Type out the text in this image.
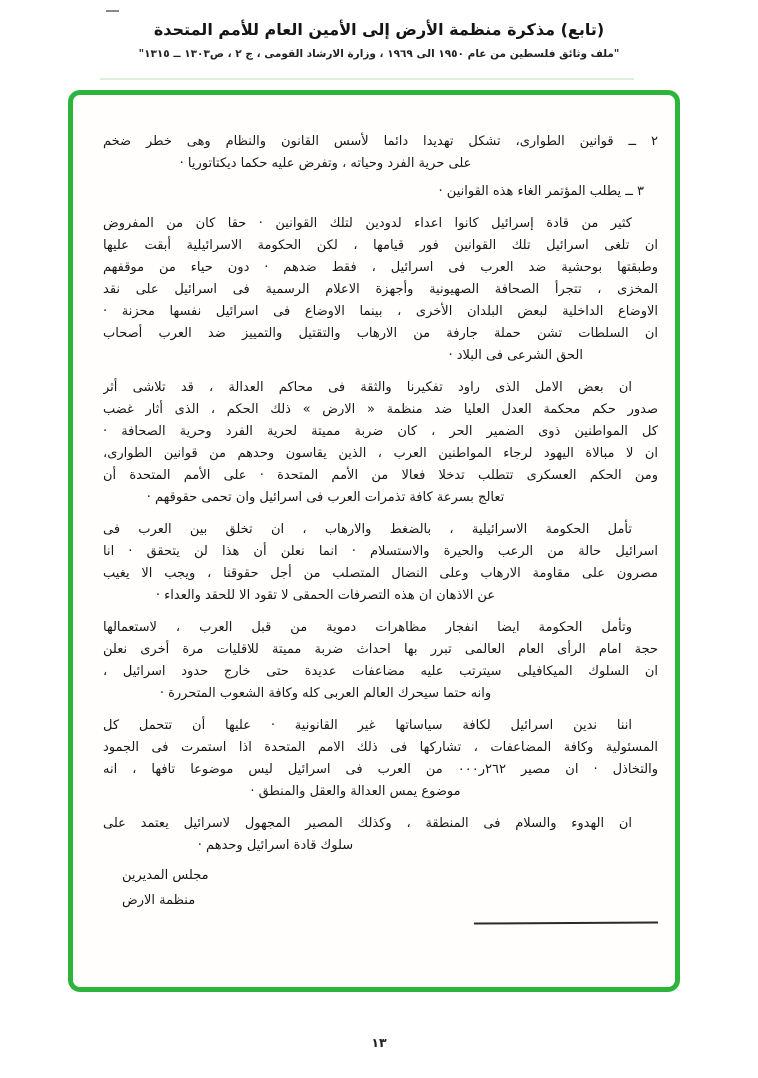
(تابع) مذكرة منظمة الأرض إلى الأمين العام للأمم المتحدة
"ملف وثائق فلسطين من عام ١٩٥٠ الى ١٩٦٩ ، وزارة الارشاد القومى ، ج ٢ ، ص١٣٠٣ ــ ١٣١٥"
٢ ــ قوانين الطوارى، تشكل تهديدا دائما لأسس القانون والنظام وهى خطر ضخم
على حرية الفرد وحياته ، وتفرض عليه حكما ديكتاتوريا ·
٣ ــ يطلب المؤتمر الغاء هذه القوانين ·
كثير من قادة إسرائيل كانوا اعداء لدودين لتلك القوانين · حقا كان من المفروض
ان تلغى اسرائيل تلك القوانين فور قيامها ، لكن الحكومة الاسرائيلية أبقت عليها
وطبقتها بوحشية ضد العرب فى اسرائيل ، فقط ضدهم · دون حياء من موقفهم
المخزى ، تتجرأ الصحافة الصهيونية وأجهزة الاعلام الرسمية فى اسرائيل على نقد
الاوضاع الداخلية لبعض البلدان الأخرى ، بينما الاوضاع فى اسرائيل نفسها محزنة ·
ان السلطات تشن حملة جارفة من الارهاب والتقتيل والتمييز ضد العرب أصحاب
الحق الشرعى فى البلاد ·
ان بعض الامل الذى راود تفكيرنا والثقة فى محاكم العدالة ، قد تلاشى أثر
صدور حكم محكمة العدل العليا ضد منظمة « الارض » ذلك الحكم ، الذى أثار غضب
كل المواطنين ذوى الضمير الحر ، كان ضربة مميتة لحرية الفرد وحرية الصحافة ·
ان لا مبالاة اليهود لرجاء المواطنين العرب ، الذين يقاسون وحدهم من قوانين الطوارى،
ومن الحكم العسكرى تتطلب تدخلا فعالا من الأمم المتحدة · على الأمم المتحدة أن
تعالج بسرعة كافة تذمرات العرب فى اسرائيل وان تحمى حقوقهم ·
تأمل الحكومة الاسرائيلية ، بالضغط والارهاب ، ان تخلق بين العرب فى
اسرائيل حالة من الرعب والحيرة والاستسلام · انما نعلن أن هذا لن يتحقق · انا
مصرون على مقاومة الارهاب وعلى النضال المتصلب من أجل حقوقنا ، ويجب الا يغيب
عن الاذهان ان هذه التصرفات الحمقى لا تقود الا للحقد والعداء ·
وتأمل الحكومة ايضا انفجار مظاهرات دموية من قبل العرب ، لاستعمالها
حجة امام الرأى العام العالمى تبرر بها احداث ضربة مميتة للاقليات مرة أخرى نعلن
ان السلوك الميكافيلى سيترتب عليه مضاعفات عديدة حتى خارج حدود اسرائيل ،
وانه حتما سيحرك العالم العربى كله وكافة الشعوب المتحررة ·
اننا ندين اسرائيل لكافة سياساتها غير القانونية · عليها أن تتحمل كل
المسئولية وكافة المضاعفات ، تشاركها فى ذلك الامم المتحدة اذا استمرت فى الجمود
والتخاذل · ان مصير ٢٦٢ر٠٠٠ من العرب فى اسرائيل ليس موضوعا تافها ، انه
موضوع يمس العدالة والعقل والمنطق ·
ان الهدوء والسلام فى المنطقة ، وكذلك المصير المجهول لاسرائيل يعتمد على
سلوك قادة اسرائيل وحدهم ·
مجلس المديرين
منظمة الارض
١٣
